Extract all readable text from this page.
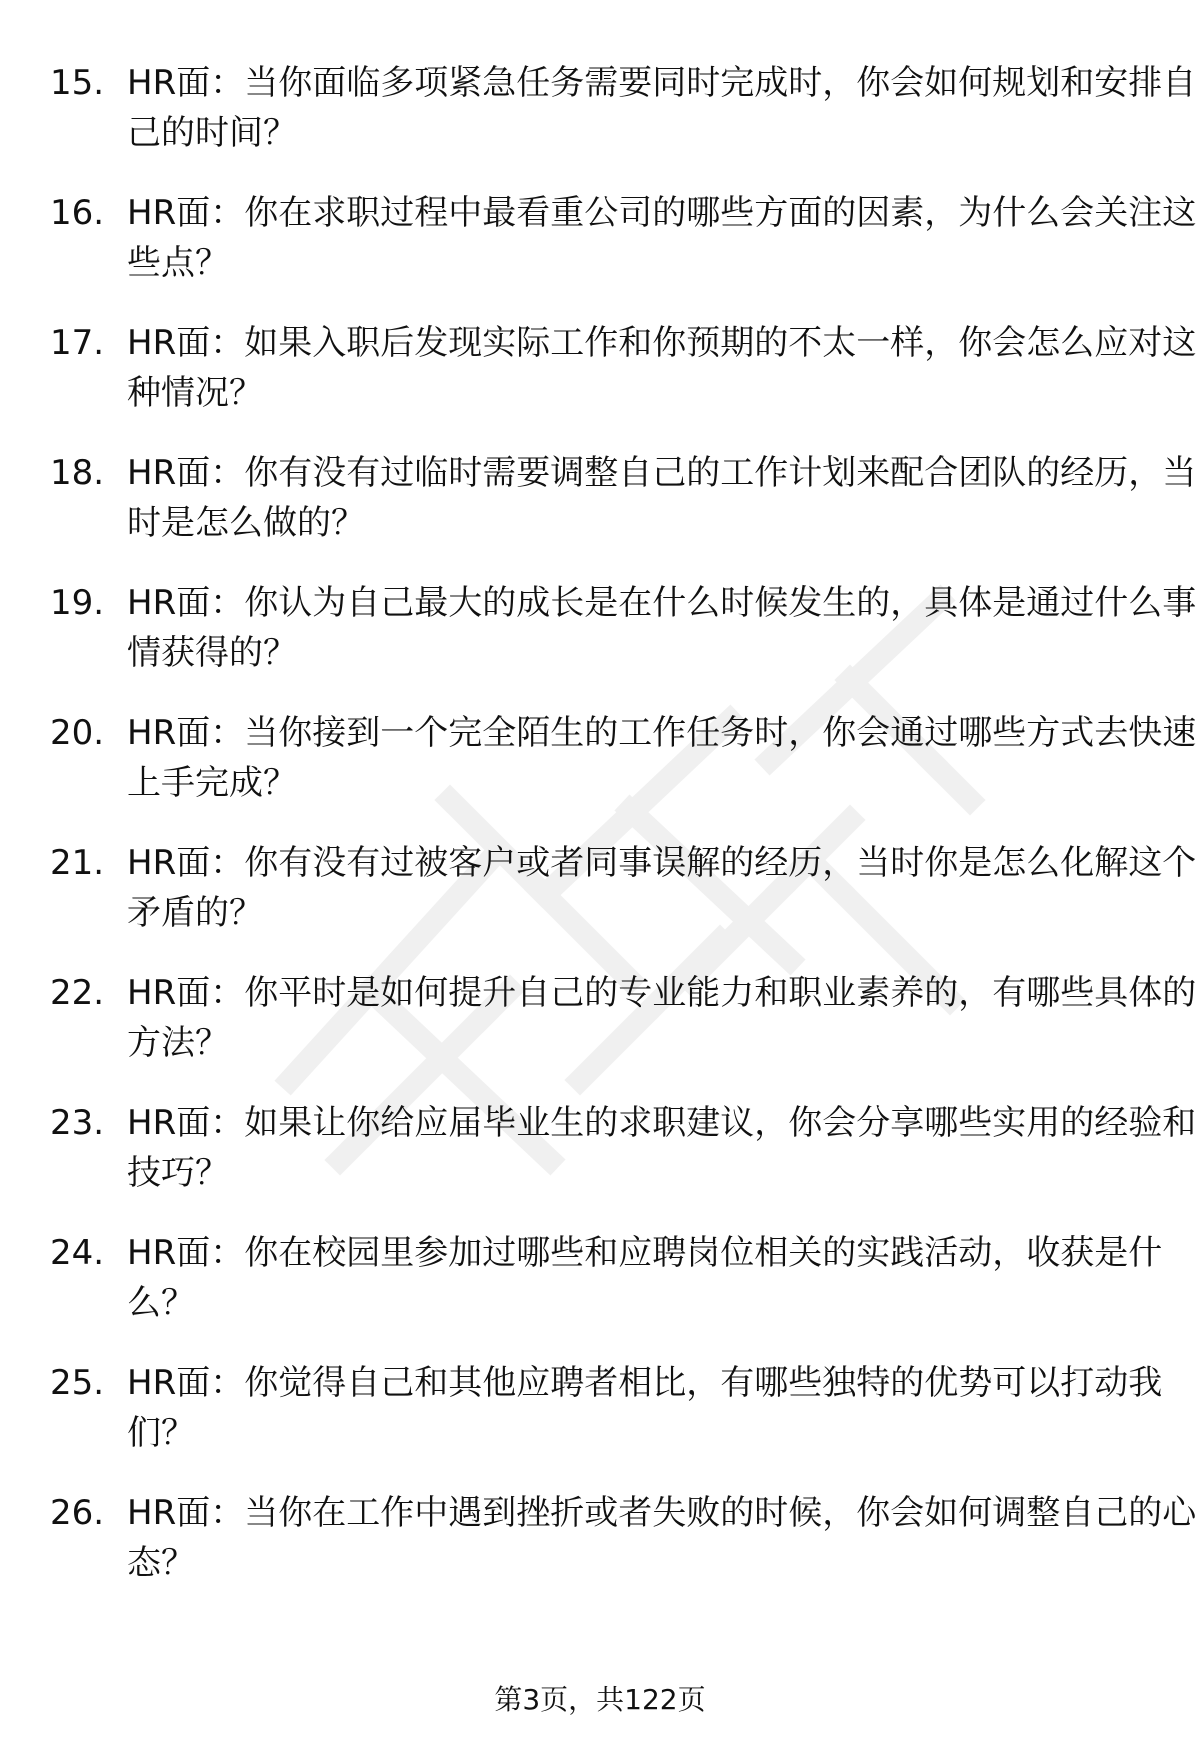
15. HR面：当你面临多项紧急任务需要同时完成时，你会如何规划和安排自己的时间？
16. HR面：你在求职过程中最看重公司的哪些方面的因素，为什么会关注这些点？
17. HR面：如果入职后发现实际工作和你预期的不太一样，你会怎么应对这种情况？
18. HR面：你有没有过临时需要调整自己的工作计划来配合团队的经历，当时是怎么做的？
19. HR面：你认为自己最大的成长是在什么时候发生的，具体是通过什么事情获得的？
20. HR面：当你接到一个完全陌生的工作任务时，你会通过哪些方式去快速上手完成？
21. HR面：你有没有过被客户或者同事误解的经历，当时你是怎么化解这个矛盾的？
22. HR面：你平时是如何提升自己的专业能力和职业素养的，有哪些具体的方法？
23. HR面：如果让你给应届毕业生的求职建议，你会分享哪些实用的经验和技巧？
24. HR面：你在校园里参加过哪些和应聘岗位相关的实践活动，收获是什么？
25. HR面：你觉得自己和其他应聘者相比，有哪些独特的优势可以打动我们？
26. HR面：当你在工作中遇到挫折或者失败的时候，你会如何调整自己的心态？
第3页，共122页
